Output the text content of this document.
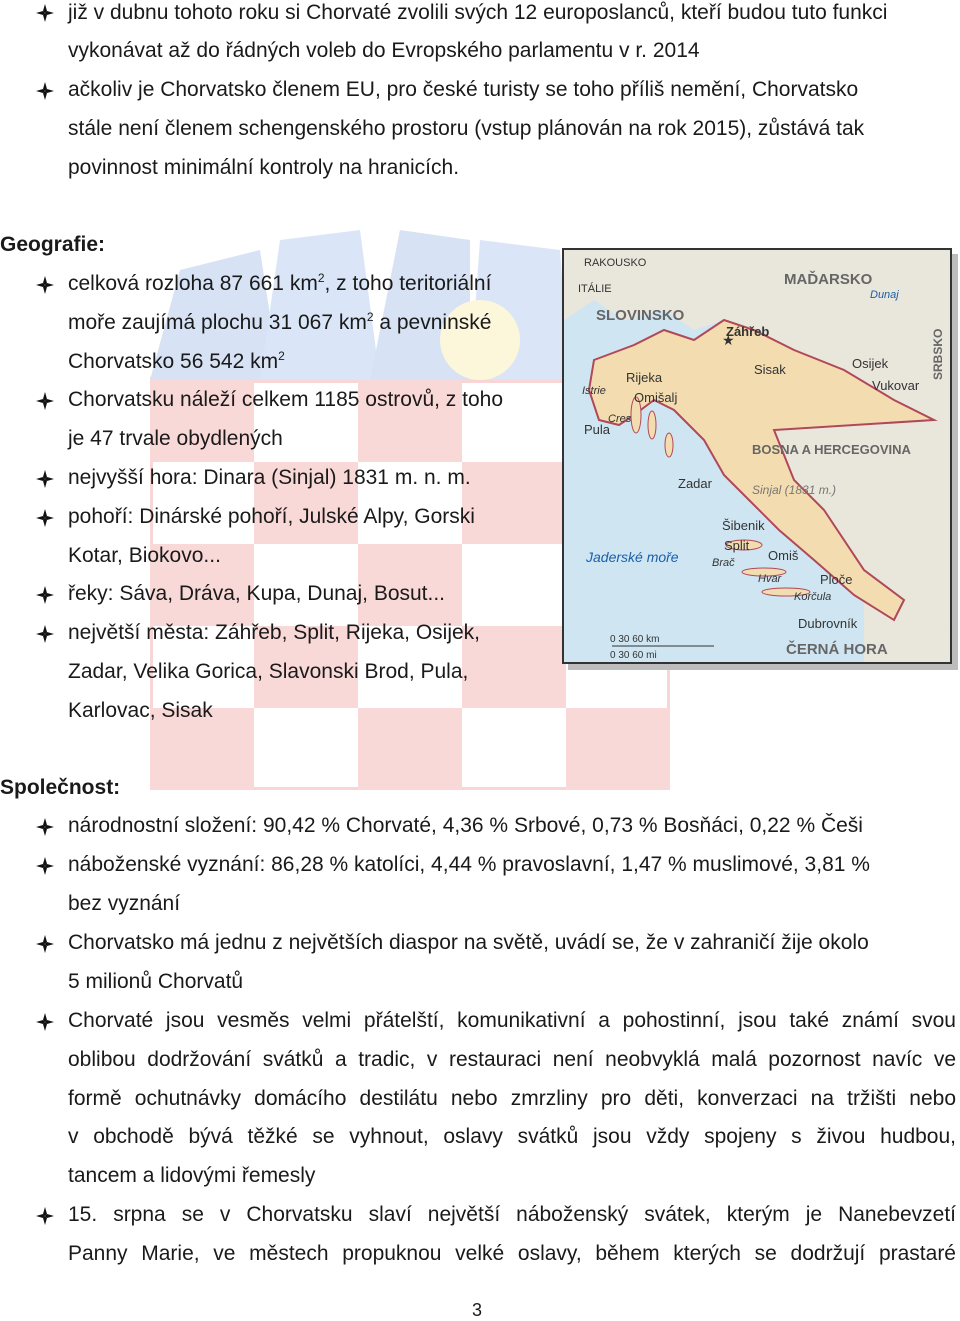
již v dubnu tohoto roku si Chorvaté zvolili svých 12 europoslanců, kteří budou tuto funkci
vykonávat až do řádných voleb do Evropského parlamentu v r. 2014
ačkoliv je Chorvatsko členem EU, pro české turisty se toho příliš nemění, Chorvatsko
stále není členem schengenského prostoru (vstup plánován na rok 2015), zůstává tak
povinnost minimální kontroly na hranicích.
Geografie:
celková rozloha 87 661 $km^2$, z toho teritoriální
moře zaujímá plochu 31 067 $km^2$ a pevninské
Chorvatsko 56 542 $km^2$
Chorvatsku náleží celkem 1185 ostrovů, z toho
je 47 trvale obydlených
nejvyšší hora: Dinara (Sinjal) 1831 m. n. m.
pohoří: Dinárské pohoří, Julské Alpy, Gorski
Kotar, Biokovo...
řeky: Sáva, Dráva, Kupa, Dunaj, Bosut...
největší města: Záhřeb, Split, Rijeka, Osijek,
Zadar, Velika Gorica, Slavonski Brod, Pula,
Karlovac, Sisak
RAKOUSKO
ITÁLIE
MAĎARSKO
Dunaj
SLOVINSKO
Záhřeb
★	SRBSKO
Sisak	Osijek
Vukovar
Istrie
Rijeka
Omišalj
Cres
Pula
BOSNA A HERCEGOVINA
Sinjal (1831 m.)
Zadar
Šibenik
Jaderské moře
Split
Brač	Omiš
Hvar	Ploče
Korčula
Dubrovník
ČERNÁ HORA
0 30 60 km
0 30 60 mi
Společnost:
národnostní složení: 90,42 % Chorvaté, 4,36 % Srbové, 0,73 % Bosňáci, 0,22 % Češi
náboženské vyznání: 86,28 % katolíci, 4,44 % pravoslavní, 1,47 % muslimové, 3,81 %
bez vyznání
Chorvatsko má jednu z největších diaspor na světě, uvádí se, že v zahraničí žije okolo
5 milionů Chorvatů
Chorvaté jsou vesměs velmi přátelští, komunikativní a pohostinní, jsou také známí svou
oblibou dodržování svátků a tradic, v restauraci není neobvyklá malá pozornost navíc ve
formě ochutnávky domácího destilátu nebo zmrzliny pro děti, konverzaci na tržišti nebo
v obchodě bývá těžké se vyhnout, oslavy svátků jsou vždy spojeny s živou hudbou,
tancem a lidovými řemesly
15. srpna se v Chorvatsku slaví největší náboženský svátek, kterým je Nanebevzetí
Panny Marie, ve městech propuknou velké oslavy, během kterých se dodržují prastaré
3
